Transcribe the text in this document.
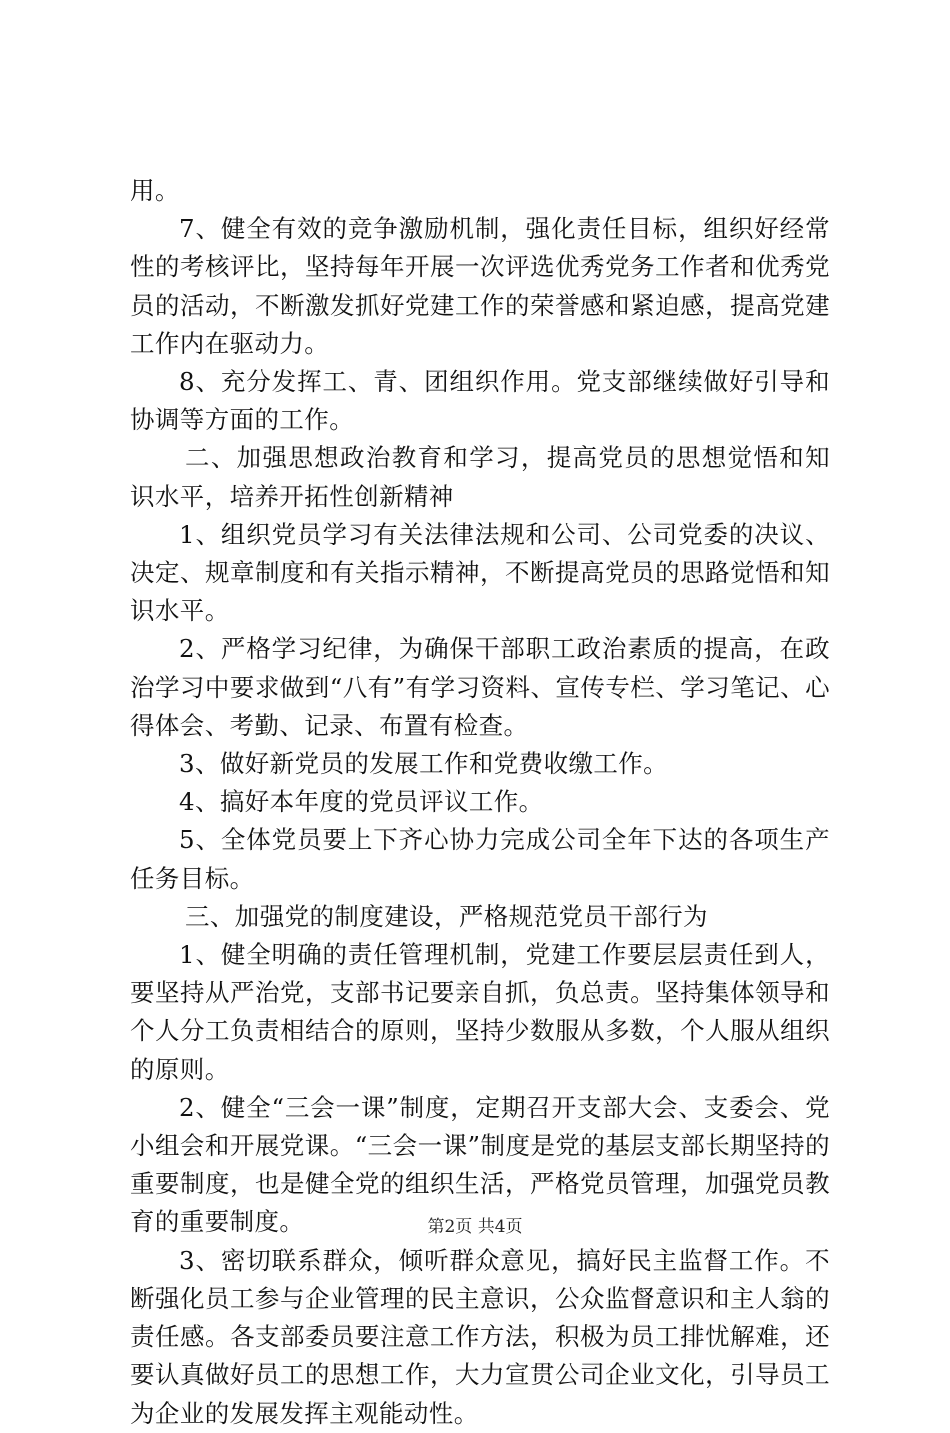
用。

7、健全有效的竞争激励机制，强化责任目标，组织好经常性的考核评比，坚持每年开展一次评选优秀党务工作者和优秀党员的活动，不断激发抓好党建工作的荣誉感和紧迫感，提高党建工作内在驱动力。

8、充分发挥工、青、团组织作用。党支部继续做好引导和协调等方面的工作。

二、加强思想政治教育和学习，提高党员的思想觉悟和知识水平，培养开拓性创新精神

1、组织党员学习有关法律法规和公司、公司党委的决议、决定、规章制度和有关指示精神，不断提高党员的思路觉悟和知识水平。

2、严格学习纪律，为确保干部职工政治素质的提高，在政治学习中要求做到“八有”有学习资料、宣传专栏、学习笔记、心得体会、考勤、记录、布置有检查。

3、做好新党员的发展工作和党费收缴工作。

4、搞好本年度的党员评议工作。

5、全体党员要上下齐心协力完成公司全年下达的各项生产任务目标。

三、加强党的制度建设，严格规范党员干部行为

1、健全明确的责任管理机制，党建工作要层层责任到人，要坚持从严治党，支部书记要亲自抓，负总责。坚持集体领导和个人分工负责相结合的原则，坚持少数服从多数，个人服从组织的原则。

2、健全“三会一课”制度，定期召开支部大会、支委会、党小组会和开展党课。“三会一课”制度是党的基层支部长期坚持的重要制度，也是健全党的组织生活，严格党员管理，加强党员教育的重要制度。

3、密切联系群众，倾听群众意见，搞好民主监督工作。不断强化员工参与企业管理的民主意识，公众监督意识和主人翁的责任感。各支部委员要注意工作方法，积极为员工排忧解难，还要认真做好员工的思想工作，大力宣贯公司企业文化，引导员工为企业的发展发挥主观能动性。

第2页 共4页
